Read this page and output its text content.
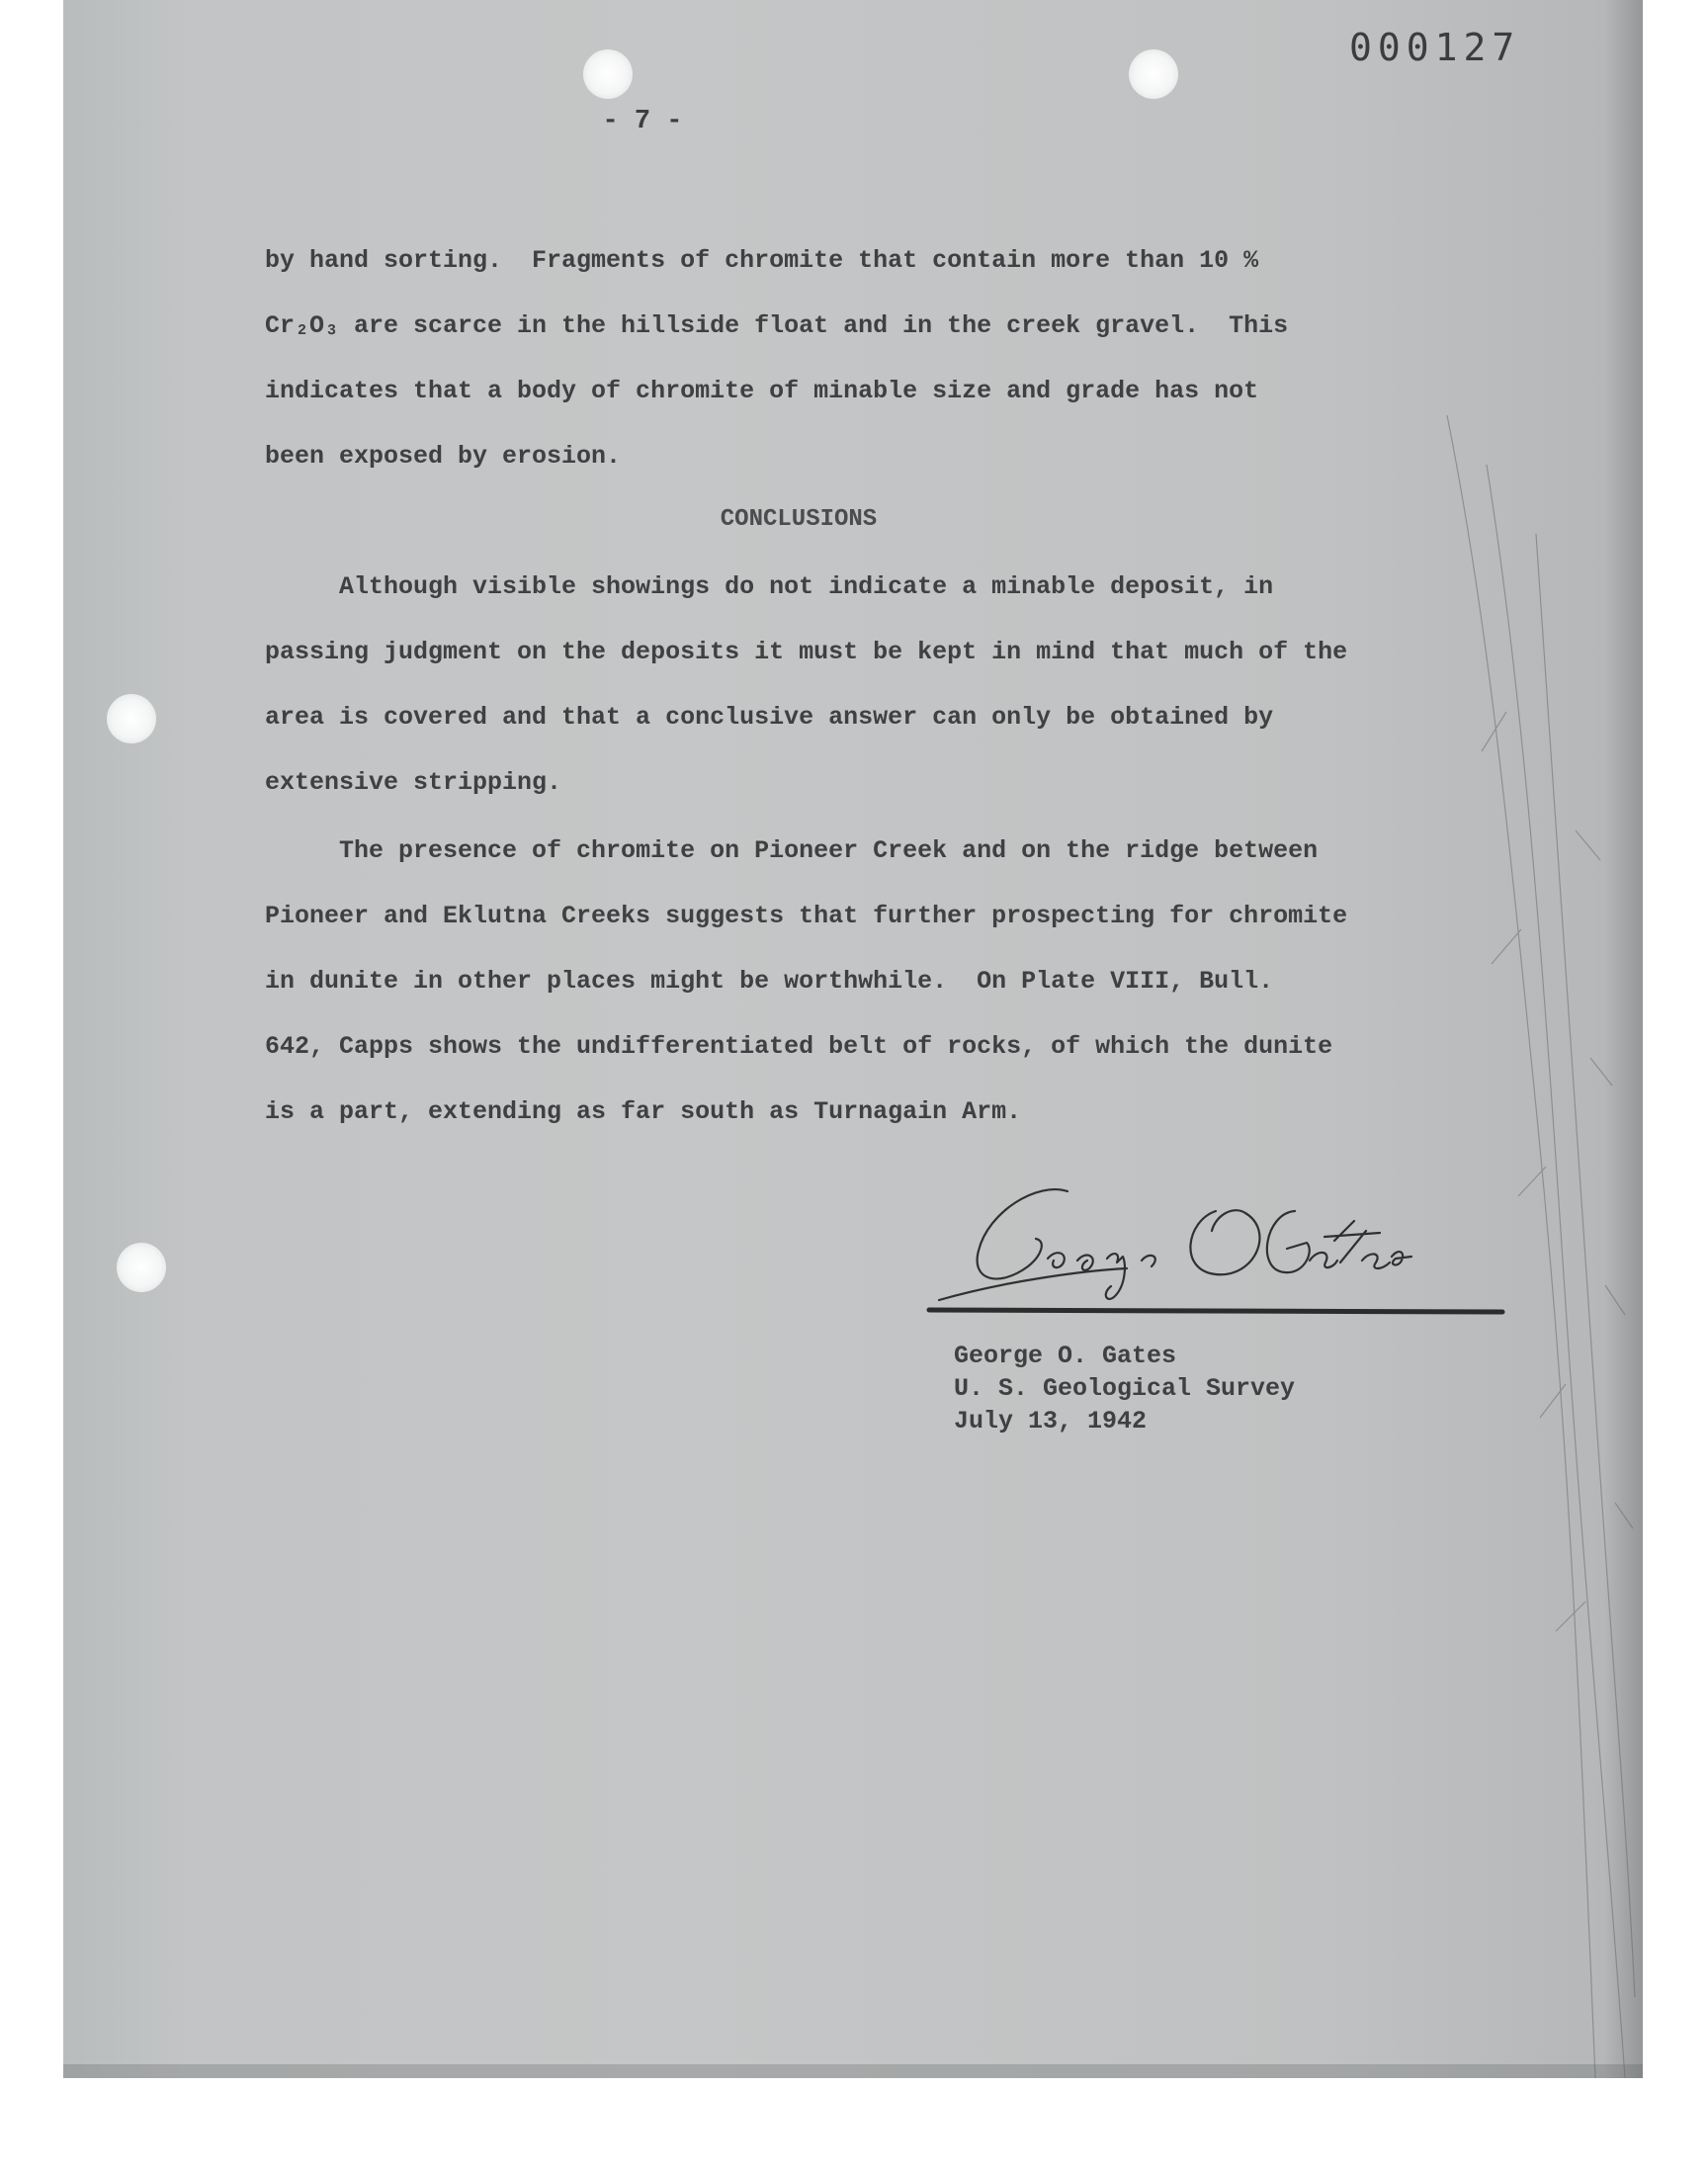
000127
- 7 -

by hand sorting.  Fragments of chromite that contain more than 10 %
Cr₂O₃ are scarce in the hillside float and in the creek gravel.  This
indicates that a body of chromite of minable size and grade has not
been exposed by erosion.

CONCLUSIONS

Although visible showings do not indicate a minable deposit, in
passing judgment on the deposits it must be kept in mind that much of the
area is covered and that a conclusive answer can only be obtained by
extensive stripping.

The presence of chromite on Pioneer Creek and on the ridge between
Pioneer and Eklutna Creeks suggests that further prospecting for chromite
in dunite in other places might be worthwhile.  On Plate VIII, Bull.
642, Capps shows the undifferentiated belt of rocks, of which the dunite
is a part, extending as far south as Turnagain Arm.

George O. Gates
U. S. Geological Survey
July 13, 1942
